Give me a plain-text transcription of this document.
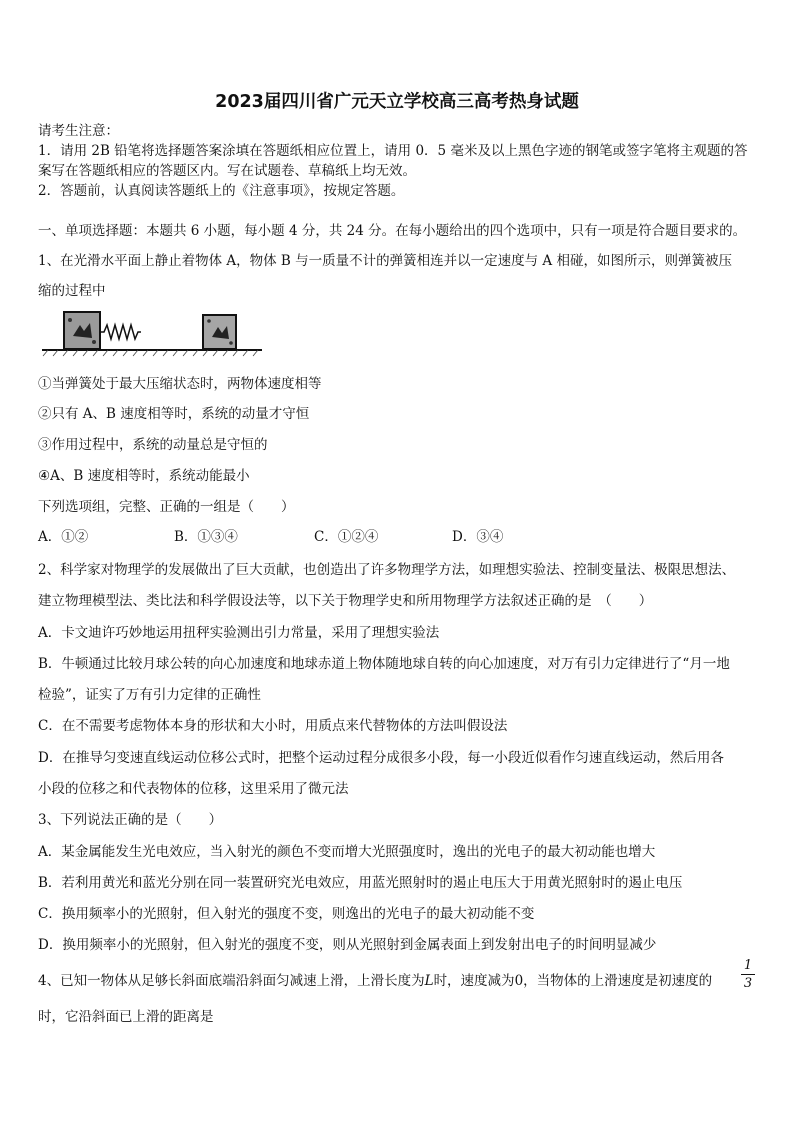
2023届四川省广元天立学校高三高考热身试题
请考生注意：
1．请用 2B 铅笔将选择题答案涂填在答题纸相应位置上，请用 0．5 毫米及以上黑色字迹的钢笔或签字笔将主观题的答
案写在答题纸相应的答题区内。写在试题卷、草稿纸上均无效。
2．答题前，认真阅读答题纸上的《注意事项》，按规定答题。
一、单项选择题：本题共 6 小题，每小题 4 分，共 24 分。在每小题给出的四个选项中，只有一项是符合题目要求的。
1、在光滑水平面上静止着物体 A，物体 B 与一质量不计的弹簧相连并以一定速度与 A 相碰，如图所示，则弹簧被压
缩的过程中
①当弹簧处于最大压缩状态时，两物体速度相等
②只有 A、B 速度相等时，系统的动量才守恒
③作用过程中，系统的动量总是守恒的
④A、B 速度相等时，系统动能最小
下列选项组，完整、正确的一组是（　　）
A．①②	B．①③④	C．①②④	D．③④
2、科学家对物理学的发展做出了巨大贡献，也创造出了许多物理学方法，如理想实验法、控制变量法、极限思想法、
建立物理模型法、类比法和科学假设法等，以下关于物理学史和所用物理学方法叙述正确的是　（　　）
A．卡文迪许巧妙地运用扭秤实验测出引力常量，采用了理想实验法
B．牛顿通过比较月球公转的向心加速度和地球赤道上物体随地球自转的向心加速度，对万有引力定律进行了“月一地
检验”，证实了万有引力定律的正确性
C．在不需要考虑物体本身的形状和大小时，用质点来代替物体的方法叫假设法
D．在推导匀变速直线运动位移公式时，把整个运动过程分成很多小段，每一小段近似看作匀速直线运动，然后用各
小段的位移之和代表物体的位移，这里采用了微元法
3、下列说法正确的是（　　）
A．某金属能发生光电效应，当入射光的颜色不变而增大光照强度时，逸出的光电子的最大初动能也增大
B．若利用黄光和蓝光分别在同一装置研究光电效应，用蓝光照射时的遏止电压大于用黄光照射时的遏止电压
C．换用频率小的光照射，但入射光的强度不变，则逸出的光电子的最大初动能不变
D．换用频率小的光照射，但入射光的强度不变，则从光照射到金属表面上到发射出电子的时间明显减少
4、已知一物体从足够长斜面底端沿斜面匀减速上滑，上滑长度为L时，速度减为0，当物体的上滑速度是初速度的
1
3
时，它沿斜面已上滑的距离是
